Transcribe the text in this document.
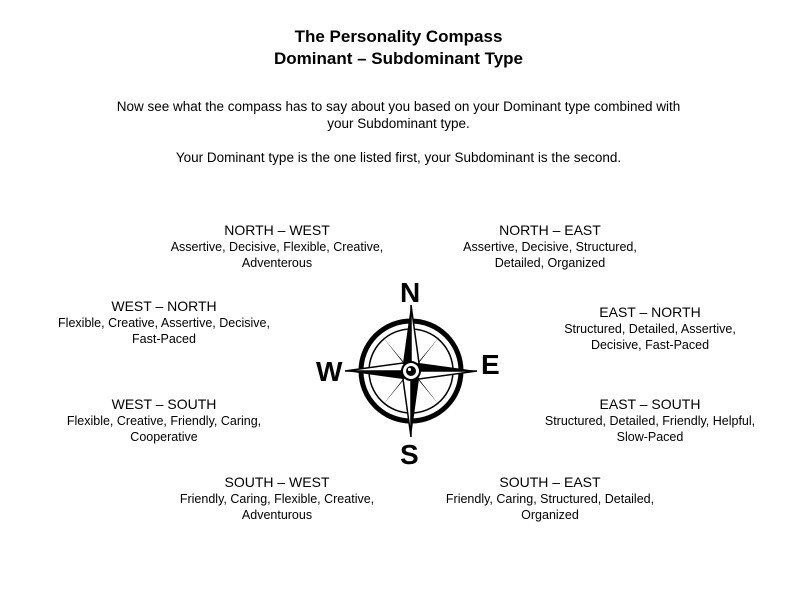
The Personality Compass
Dominant – Subdominant Type
Now see what the compass has to say about you based on your Dominant type combined with
your Subdominant type.
Your Dominant type is the one listed first, your Subdominant is the second.
NORTH – WEST
Assertive, Decisive, Flexible, Creative,
Adventerous
NORTH – EAST
Assertive, Decisive, Structured,
Detailed, Organized
WEST – NORTH
Flexible, Creative, Assertive, Decisive,
Fast-Paced
EAST – NORTH
Structured, Detailed, Assertive,
Decisive, Fast-Paced
WEST – SOUTH
Flexible, Creative, Friendly, Caring,
Cooperative
EAST – SOUTH
Structured, Detailed, Friendly, Helpful,
Slow-Paced
SOUTH – WEST
Friendly, Caring, Flexible, Creative,
Adventurous
SOUTH – EAST
Friendly, Caring, Structured, Detailed,
Organized
N
S
W	E
